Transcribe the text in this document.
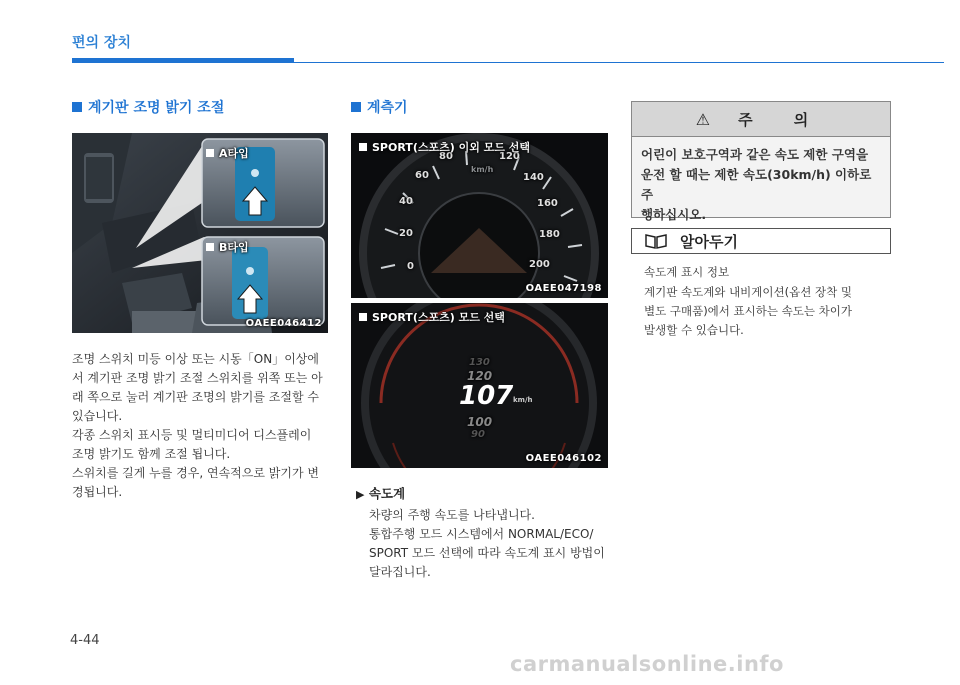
편의 장치
계기판 조명 밝기 조절
A타입
B타입
OAEE046412
조명 스위치 미등 이상 또는 시동「ON」이상에
서 계기판 조명 밝기 조절 스위치를 위쪽 또는 아
래 쪽으로 눌러 계기판 조명의 밝기를 조절할 수
있습니다.
각종 스위치 표시등 및 멀티미디어 디스플레이
조명 밝기도 함께 조절 됩니다.
스위치를 길게 누를 경우, 연속적으로 밝기가 변
경됩니다.
계측기
0
20
40
60
80	120
140
160
180
200
km/h
SPORT(스포츠) 이외 모드 선택
OAEE047198
130
120
107 km/h
100
90
SPORT(스포츠) 모드 선택
OAEE046102
▶ 속도계
차량의 주행 속도를 나타냅니다.
통합주행 모드 시스템에서 NORMAL/ECO/
SPORT 모드 선택에 따라 속도계 표시 방법이
달라집니다.
⚠ 주 의
어린이 보호구역과 같은 속도 제한 구역을
운전 할 때는 제한 속도(30km/h) 이하로 주
행하십시오.
알아두기
속도계 표시 정보
계기판 속도계와 내비게이션(옵션 장착 및
별도 구매품)에서 표시하는 속도는 차이가
발생할 수 있습니다.
4-44
carmanualsonline.info
